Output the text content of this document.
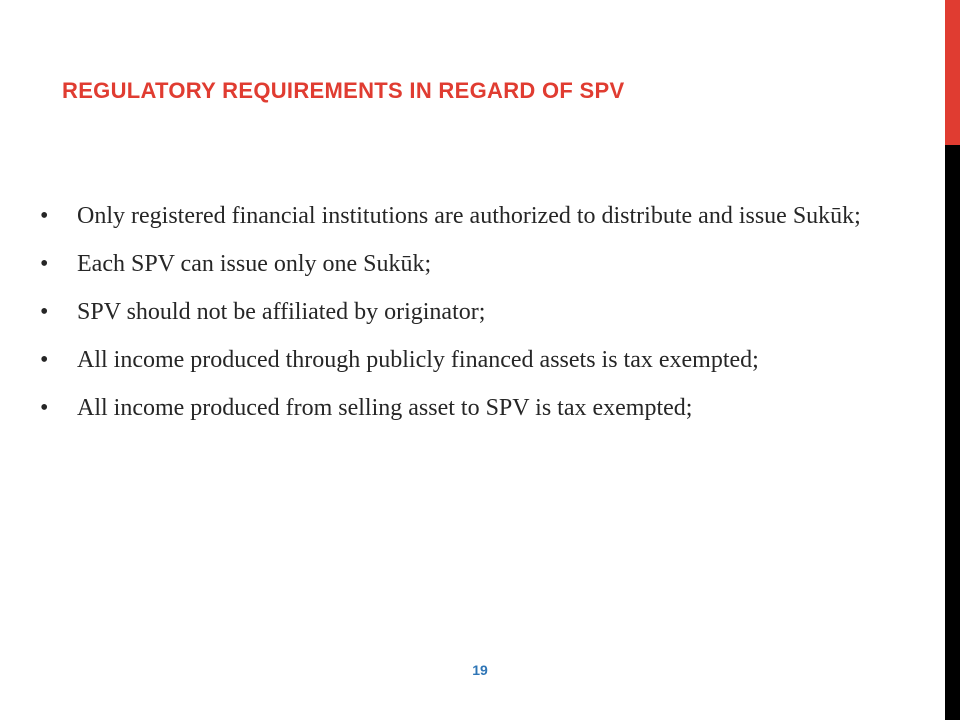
REGULATORY REQUIREMENTS IN REGARD OF SPV
•	Only registered financial institutions are authorized to distribute and issue Sukūk;
•	Each SPV can issue only one Sukūk;
•	SPV should not be affiliated by originator;
•	All income produced through publicly financed assets is tax exempted;
•	All income produced from selling asset to SPV is tax exempted;
19
